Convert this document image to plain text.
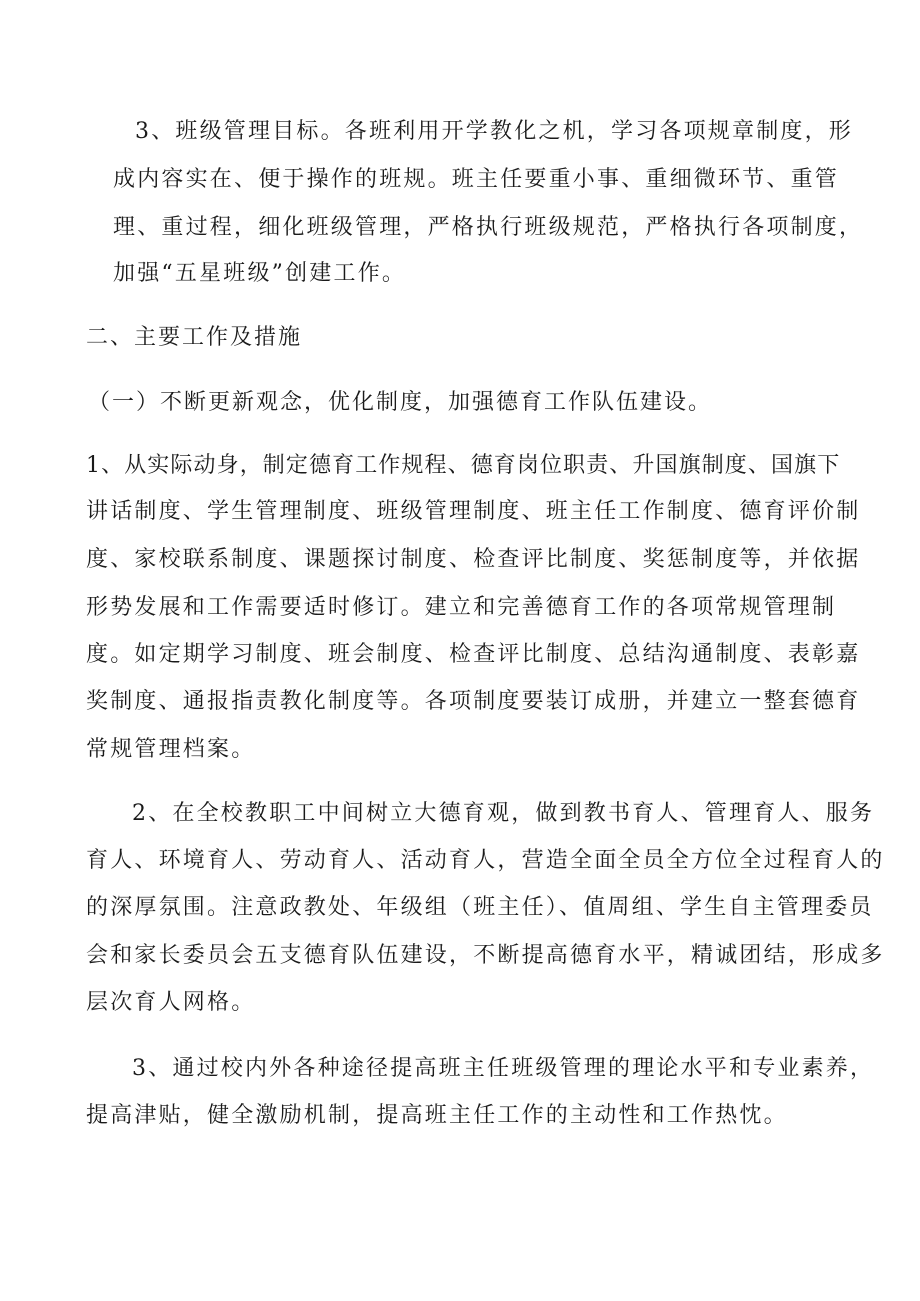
3、班级管理目标。各班利用开学教化之机，学习各项规章制度，形
成内容实在、便于操作的班规。班主任要重小事、重细微环节、重管
理、重过程，细化班级管理，严格执行班级规范，严格执行各项制度，
加强“五星班级”创建工作。
二、主要工作及措施
（一）不断更新观念，优化制度，加强德育工作队伍建设。
1、从实际动身，制定德育工作规程、德育岗位职责、升国旗制度、国旗下
讲话制度、学生管理制度、班级管理制度、班主任工作制度、德育评价制
度、家校联系制度、课题探讨制度、检查评比制度、奖惩制度等，并依据
形势发展和工作需要适时修订。建立和完善德育工作的各项常规管理制
度。如定期学习制度、班会制度、检查评比制度、总结沟通制度、表彰嘉
奖制度、通报指责教化制度等。各项制度要装订成册，并建立一整套德育
常规管理档案。
2、在全校教职工中间树立大德育观，做到教书育人、管理育人、服务
育人、环境育人、劳动育人、活动育人，营造全面全员全方位全过程育人的
的深厚氛围。注意政教处、年级组（班主任）、值周组、学生自主管理委员
会和家长委员会五支德育队伍建设，不断提高德育水平，精诚团结，形成多
层次育人网格。
3、通过校内外各种途径提高班主任班级管理的理论水平和专业素养，
提高津贴，健全激励机制，提高班主任工作的主动性和工作热忱。
